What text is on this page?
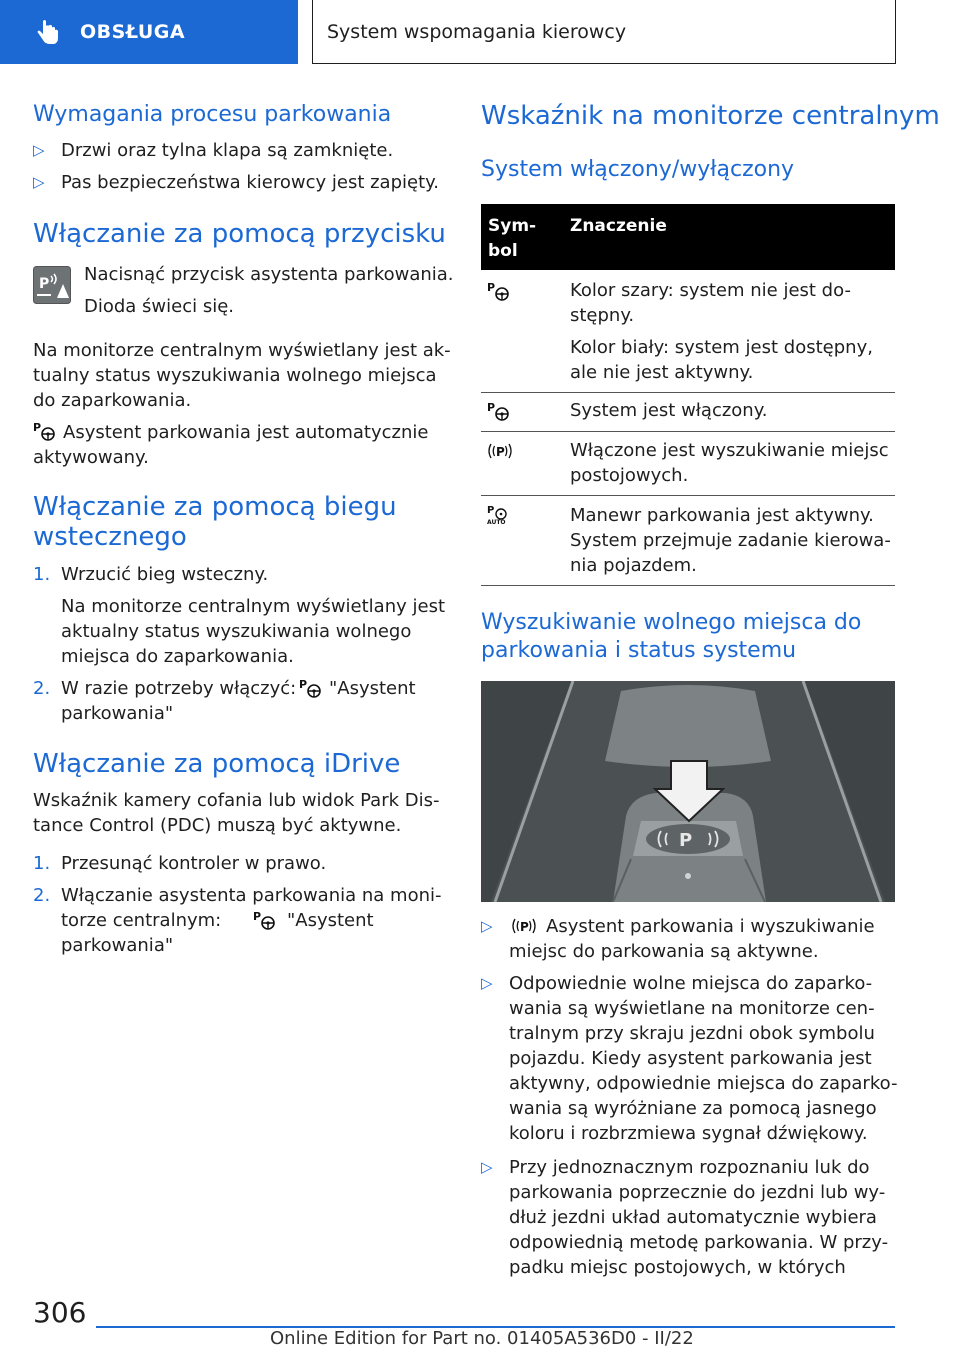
OBSŁUGA	System wspomagania kierowcy
Wymagania procesu parkowania
▷ Drzwi oraz tylna klapa są zamknięte.
▷ Pas bezpieczeństwa kierowcy jest zapięty.
Włączanie za pomocą przycisku
P Nacisnąć przycisk asystenta parkowania.
Dioda świeci się.
Na monitorze centralnym wyświetlany jest ak-
tualny status wyszukiwania wolnego miejsca
do zaparkowania.
P Asystent parkowania jest automatycznie
aktywowany.
Włączanie za pomocą biegu
wstecznego
1. Wrzucić bieg wsteczny.
Na monitorze centralnym wyświetlany jest
aktualny status wyszukiwania wolnego
miejsca do zaparkowania.
2. W razie potrzeby włączyć: P "Asystent
parkowania"
Włączanie za pomocą iDrive
Wskaźnik kamery cofania lub widok Park Dis-
tance Control (PDC) muszą być aktywne.
1. Przesunąć kontroler w prawo.
2. Włączanie asystenta parkowania na moni-
torze centralnym:	P "Asystent
parkowania"
Wskaźnik na monitorze centralnym
System włączony/wyłączony
Sym-
bol
Znaczenie
P	Kolor szary: system nie jest do-
stępny.
Kolor biały: system jest dostępny,
ale nie jest aktywny.
P	System jest włączony.
P	Włączone jest wyszukiwanie miejsc
postojowych.
P
AUTO	Manewr parkowania jest aktywny.
System przejmuje zadanie kierowa-
nia pojazdem.
Wyszukiwanie wolnego miejsca do
parkowania i status systemu
P
▷ P Asystent parkowania i wyszukiwanie
miejsc do parkowania są aktywne.
▷ Odpowiednie wolne miejsca do zaparko-
wania są wyświetlane na monitorze cen-
tralnym przy skraju jezdni obok symbolu
pojazdu. Kiedy asystent parkowania jest
aktywny, odpowiednie miejsca do zaparko-
wania są wyróżniane za pomocą jasnego
koloru i rozbrzmiewa sygnał dźwiękowy.
▷ Przy jednoznacznym rozpoznaniu luk do
parkowania poprzecznie do jezdni lub wy-
dłuż jezdni układ automatycznie wybiera
odpowiednią metodę parkowania. W przy-
padku miejsc postojowych, w których
306
Online Edition for Part no. 01405A536D0 - II/22
